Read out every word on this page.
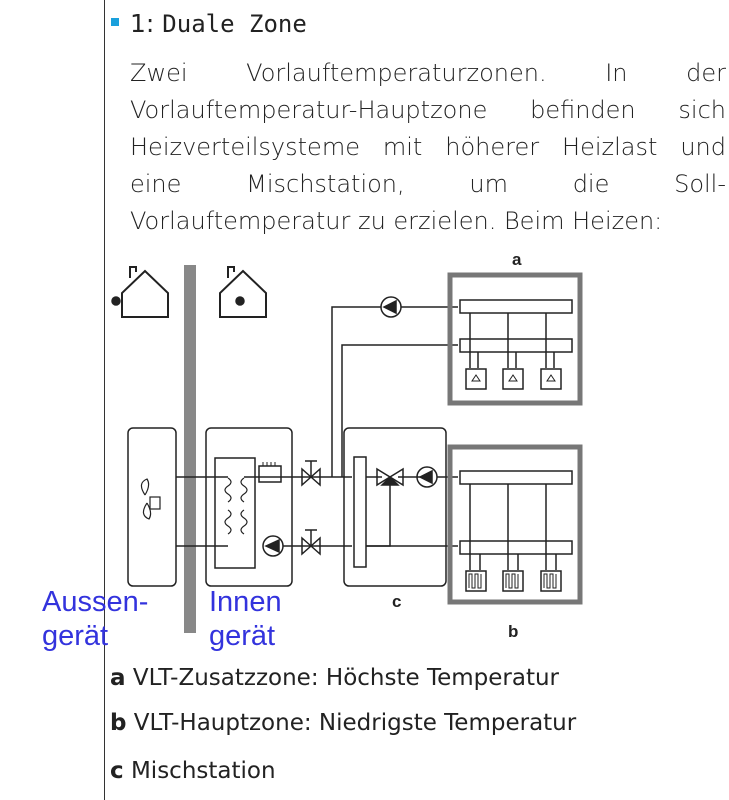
1: Duale Zone
Zwei Vorlauftemperaturzonen. In der
Vorlauftemperatur-Hauptzone befinden sich
Heizverteilsysteme mit höherer Heizlast und
eine Mischstation, um die Soll-
Vorlauftemperatur zu erzielen. Beim Heizen:
a
b
c
Aussen-
gerät
Innen
gerät
a VLT-Zusatzzone: Höchste Temperatur
b VLT-Hauptzone: Niedrigste Temperatur
c Mischstation
